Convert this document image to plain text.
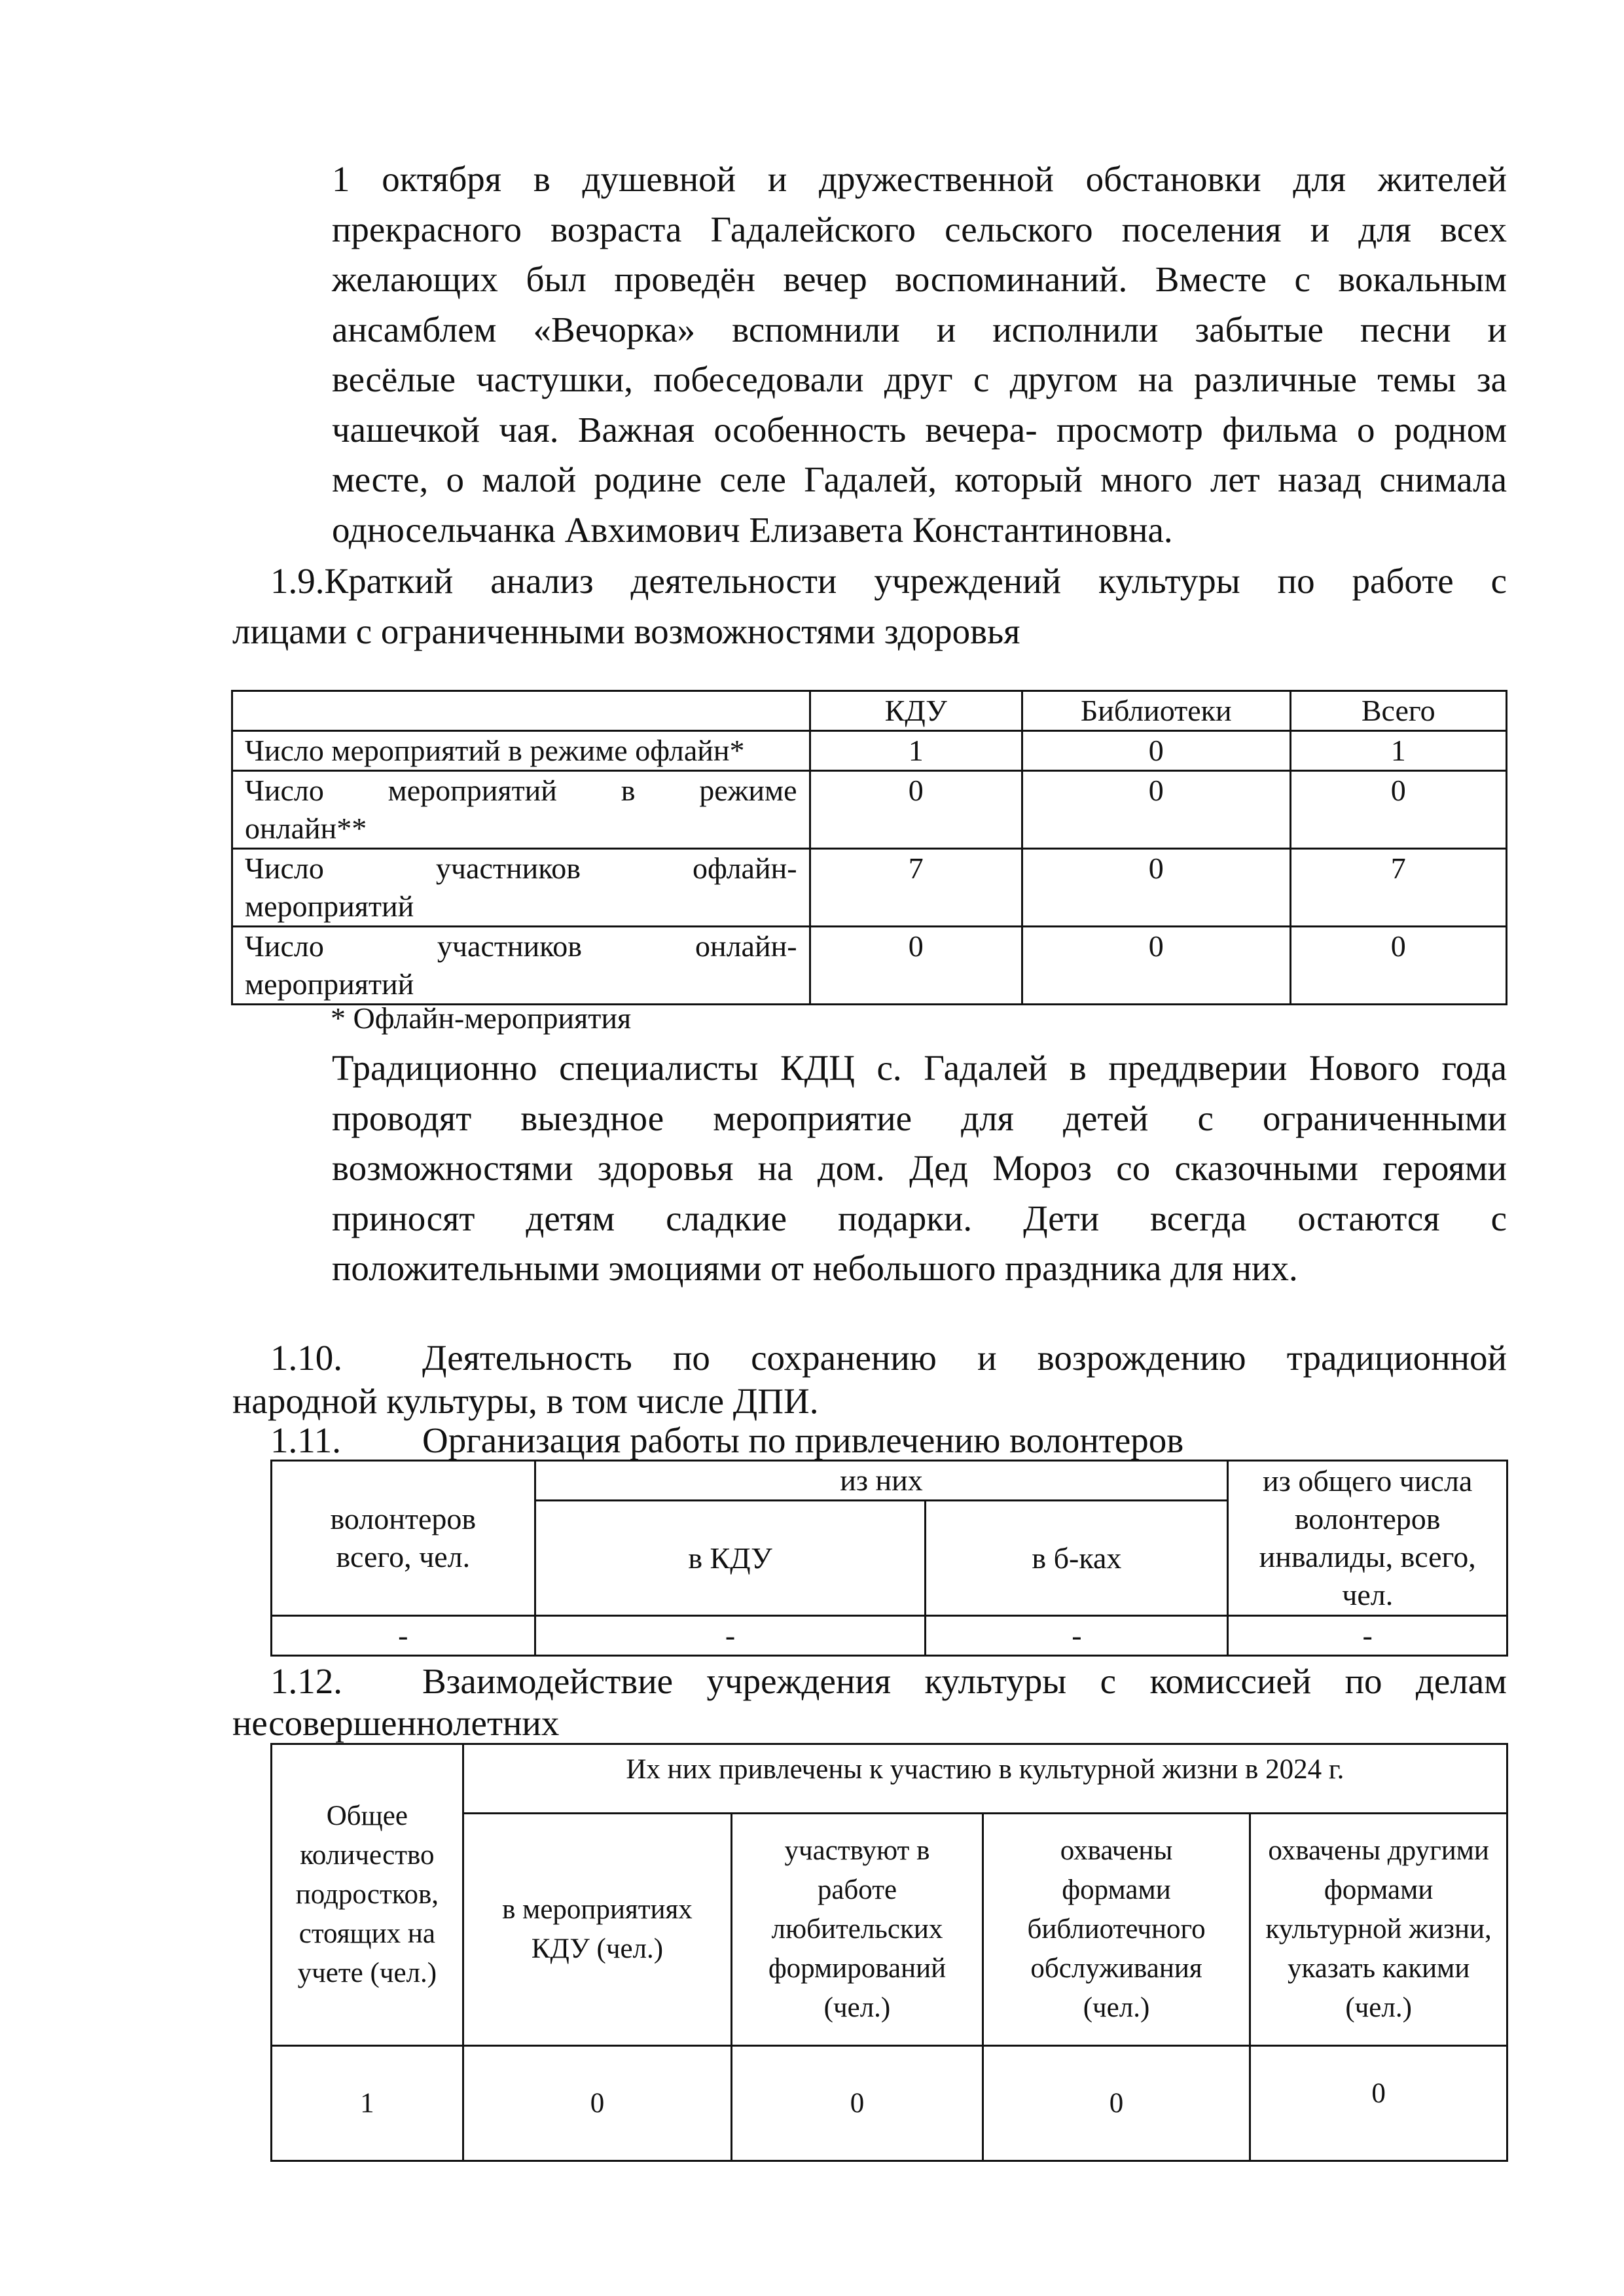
1 октября в душевной и дружественной обстановки для жителей
прекрасного возраста Гадалейского сельского поселения и для всех
желающих был проведён вечер воспоминаний. Вместе с вокальным
ансамблем «Вечорка» вспомнили и исполнили забытые песни и
весёлые частушки, побеседовали друг с другом на различные темы за
чашечкой чая. Важная особенность вечера- просмотр фильма о родном
месте, о малой родине селе Гадалей, который много лет назад снимала
односельчанка Авхимович Елизавета Константиновна.
1.9.Краткий анализ деятельности учреждений культуры по работе с
лицами с ограниченными возможностями здоровья
	КДУ	Библиотеки	Всего

Число мероприятий в режиме офлайн*	1	0	1

Число мероприятий в режиме
онлайн**	0	0	0

Число участников офлайн-
мероприятий	7	0	7

Число участников онлайн-
мероприятий	0	0	0
* Офлайн-мероприятия
Традиционно специалисты КДЦ с. Гадалей в преддверии Нового года
проводят выездное мероприятие для детей с ограниченными
возможностями здоровья на дом. Дед Мороз со сказочными героями
приносят детям сладкие подарки. Дети всегда остаются с
положительными эмоциями от небольшого праздника для них.
1.10.	Деятельность по сохранению и возрождению традиционной
народной культуры, в том числе ДПИ.
1.11.	Организация работы по привлечению волонтеров
волонтеров всего, чел.	из них		из общего числа волонтеров инвалиды, всего, чел.
	в КДУ	в б-ках	
-	-	-	-
1.12.	Взаимодействие учреждения культуры с комиссией по делам
несовершеннолетних
Общее количество подростков, стоящих на учете (чел.)	Их них привлечены к участию в культурной жизни в 2024 г.			
	в мероприятиях КДУ (чел.)	участвуют в работе любительских формирований (чел.)	охвачены формами библиотечного обслуживания (чел.)	охвачены другими формами культурной жизни, указать какими (чел.)
1	0	0	0	0
